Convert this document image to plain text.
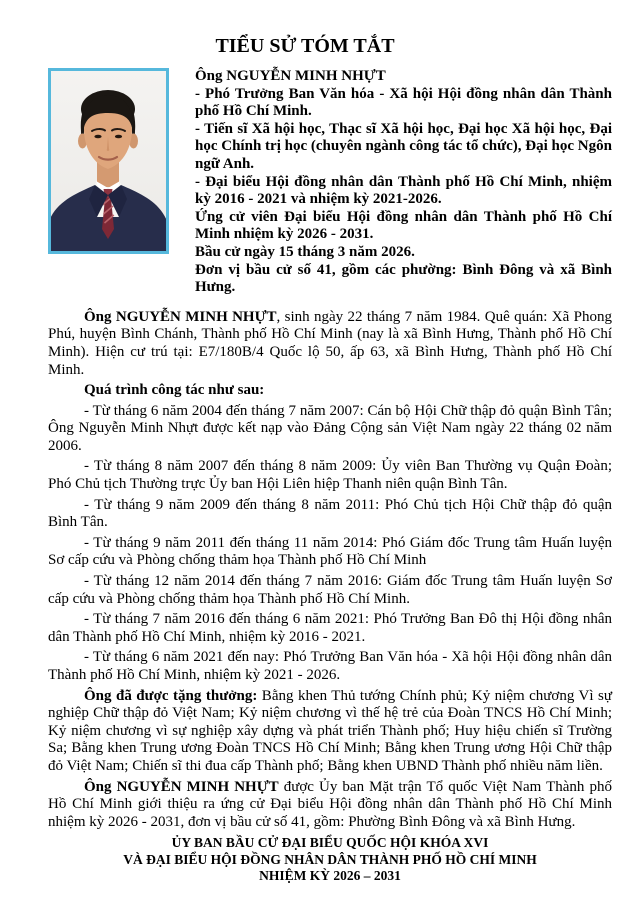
TIỂU SỬ TÓM TẮT

Ông NGUYỄN MINH NHỰT

- Phó Trưởng Ban Văn hóa - Xã hội Hội đồng nhân dân Thành phố Hồ Chí Minh.

- Tiến sĩ Xã hội học, Thạc sĩ Xã hội học, Đại học Xã hội học, Đại học Chính trị học (chuyên ngành công tác tổ chức), Đại học Ngôn ngữ Anh.

- Đại biểu Hội đồng nhân dân Thành phố Hồ Chí Minh, nhiệm kỳ 2016 - 2021 và nhiệm kỳ 2021-2026.

Ứng cử viên Đại biểu Hội đồng nhân dân Thành phố Hồ Chí Minh nhiệm kỳ 2026 - 2031.

Bầu cử ngày 15 tháng 3 năm 2026.

Đơn vị bầu cử số 41, gồm các phường: Bình Đông và xã Bình Hưng.

Ông NGUYỄN MINH NHỰT, sinh ngày 22 tháng 7 năm 1984. Quê quán: Xã Phong Phú, huyện Bình Chánh, Thành phố Hồ Chí Minh (nay là xã Bình Hưng, Thành phố Hồ Chí Minh). Hiện cư trú tại: E7/180B/4 Quốc lộ 50, ấp 63, xã Bình Hưng, Thành phố Hồ Chí Minh.

Quá trình công tác như sau:

- Từ tháng 6 năm 2004 đến tháng 7 năm 2007: Cán bộ Hội Chữ thập đỏ quận Bình Tân; Ông Nguyễn Minh Nhựt được kết nạp vào Đảng Cộng sản Việt Nam ngày 22 tháng 02 năm 2006.

- Từ tháng 8 năm 2007 đến tháng 8 năm 2009: Ủy viên Ban Thường vụ Quận Đoàn; Phó Chủ tịch Thường trực Ủy ban Hội Liên hiệp Thanh niên quận Bình Tân.

- Từ tháng 9 năm 2009 đến tháng 8 năm 2011: Phó Chủ tịch Hội Chữ thập đỏ quận Bình Tân.

- Từ tháng 9 năm 2011 đến tháng 11 năm 2014: Phó Giám đốc Trung tâm Huấn luyện Sơ cấp cứu và Phòng chống thảm họa Thành phố Hồ Chí Minh

- Từ tháng 12 năm 2014 đến tháng 7 năm 2016: Giám đốc Trung tâm Huấn luyện Sơ cấp cứu và Phòng chống thảm họa Thành phố Hồ Chí Minh.

- Từ tháng 7 năm 2016 đến tháng 6 năm 2021: Phó Trưởng Ban Đô thị Hội đồng nhân dân Thành phố Hồ Chí Minh, nhiệm kỳ 2016 - 2021.

- Từ tháng 6 năm 2021 đến nay: Phó Trưởng Ban Văn hóa - Xã hội Hội đồng nhân dân Thành phố Hồ Chí Minh, nhiệm kỳ 2021 - 2026.

Ông đã được tặng thưởng: Bằng khen Thủ tướng Chính phủ; Kỷ niệm chương Vì sự nghiệp Chữ thập đỏ Việt Nam; Kỷ niệm chương vì thế hệ trẻ của Đoàn TNCS Hồ Chí Minh; Kỷ niệm chương vì sự nghiệp xây dựng và phát triển Thành phố; Huy hiệu chiến sĩ Trường Sa; Bằng khen Trung ương Đoàn TNCS Hồ Chí Minh; Bằng khen Trung ương Hội Chữ thập đỏ Việt Nam; Chiến sĩ thi đua cấp Thành phố; Bằng khen UBND Thành phố nhiều năm liền.

Ông NGUYỄN MINH NHỰT được Ủy ban Mặt trận Tổ quốc Việt Nam Thành phố Hồ Chí Minh giới thiệu ra ứng cử Đại biểu Hội đồng nhân dân Thành phố Hồ Chí Minh nhiệm kỳ 2026 - 2031, đơn vị bầu cử số 41, gồm: Phường Bình Đông và xã Bình Hưng.

ỦY BAN BẦU CỬ ĐẠI BIỂU QUỐC HỘI KHÓA XVI

VÀ ĐẠI BIỂU HỘI ĐỒNG NHÂN DÂN THÀNH PHỐ HỒ CHÍ MINH

NHIỆM KỲ 2026 – 2031
